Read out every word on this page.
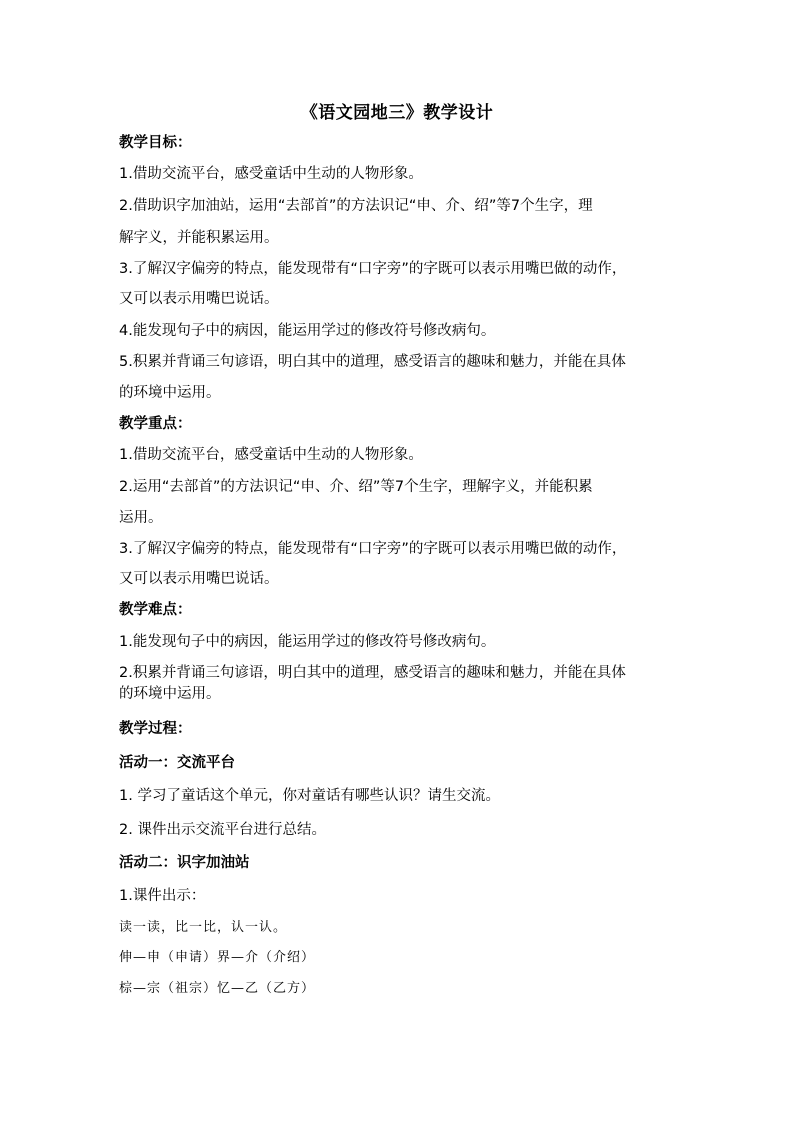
《语文园地三》教学设计
教学目标：
1.借助交流平台，感受童话中生动的人物形象。
2.借助识字加油站，运用“去部首”的方法识记“申、介、绍”等7个生字，理
解字义，并能积累运用。
3.了解汉字偏旁的特点，能发现带有“口字旁”的字既可以表示用嘴巴做的动作，
又可以表示用嘴巴说话。
4.能发现句子中的病因，能运用学过的修改符号修改病句。
5.积累并背诵三句谚语，明白其中的道理，感受语言的趣味和魅力，并能在具体
的环境中运用。
教学重点：
1.借助交流平台，感受童话中生动的人物形象。
2.运用“去部首”的方法识记“申、介、绍”等7个生字，理解字义，并能积累
运用。
3.了解汉字偏旁的特点，能发现带有“口字旁”的字既可以表示用嘴巴做的动作，
又可以表示用嘴巴说话。
教学难点：
1.能发现句子中的病因，能运用学过的修改符号修改病句。
2.积累并背诵三句谚语，明白其中的道理，感受语言的趣味和魅力，并能在具体
的环境中运用。
教学过程：
活动一：交流平台
1. 学习了童话这个单元，你对童话有哪些认识？请生交流。
2. 课件出示交流平台进行总结。
活动二：识字加油站
1.课件出示：
读一读，比一比，认一认。
伸—申（申请）界—介（介绍）
棕—宗（祖宗）忆—乙（乙方）
